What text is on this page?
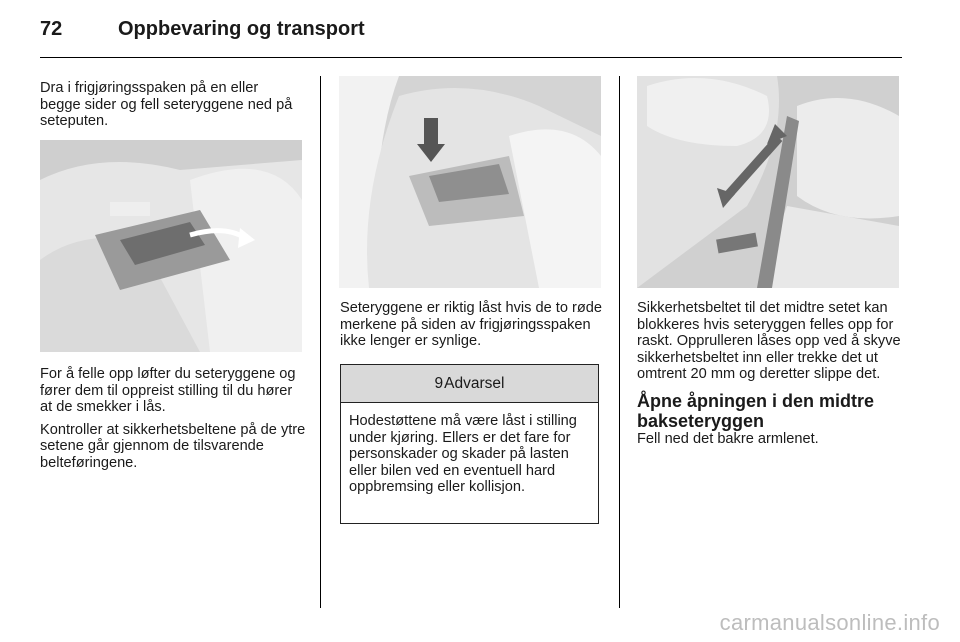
72	Oppbevaring og transport

Dra i frigjøringsspaken på en eller begge sider og fell seteryggene ned på seteputen.

For å felle opp løfter du seteryggene og fører dem til oppreist stilling til du hører at de smekker i lås.

Kontroller at sikkerhetsbeltene på de ytre setene går gjennom de tilsvarende belteføringene.

Seteryggene er riktig låst hvis de to røde merkene på siden av frigjøringsspaken ikke lenger er synlige.

9 Advarsel
Hodestøttene må være låst i stilling under kjøring. Ellers er det fare for personskader og skader på lasten eller bilen ved en eventuell hard oppbremsing eller kollisjon.

Sikkerhetsbeltet til det midtre setet kan blokkeres hvis seteryggen felles opp for raskt. Opprulleren låses opp ved å skyve sikkerhetsbeltet inn eller trekke det ut omtrent 20 mm og deretter slippe det.

Åpne åpningen i den midtre bakseteryggen

Fell ned det bakre armlenet.

carmanualsonline.info
